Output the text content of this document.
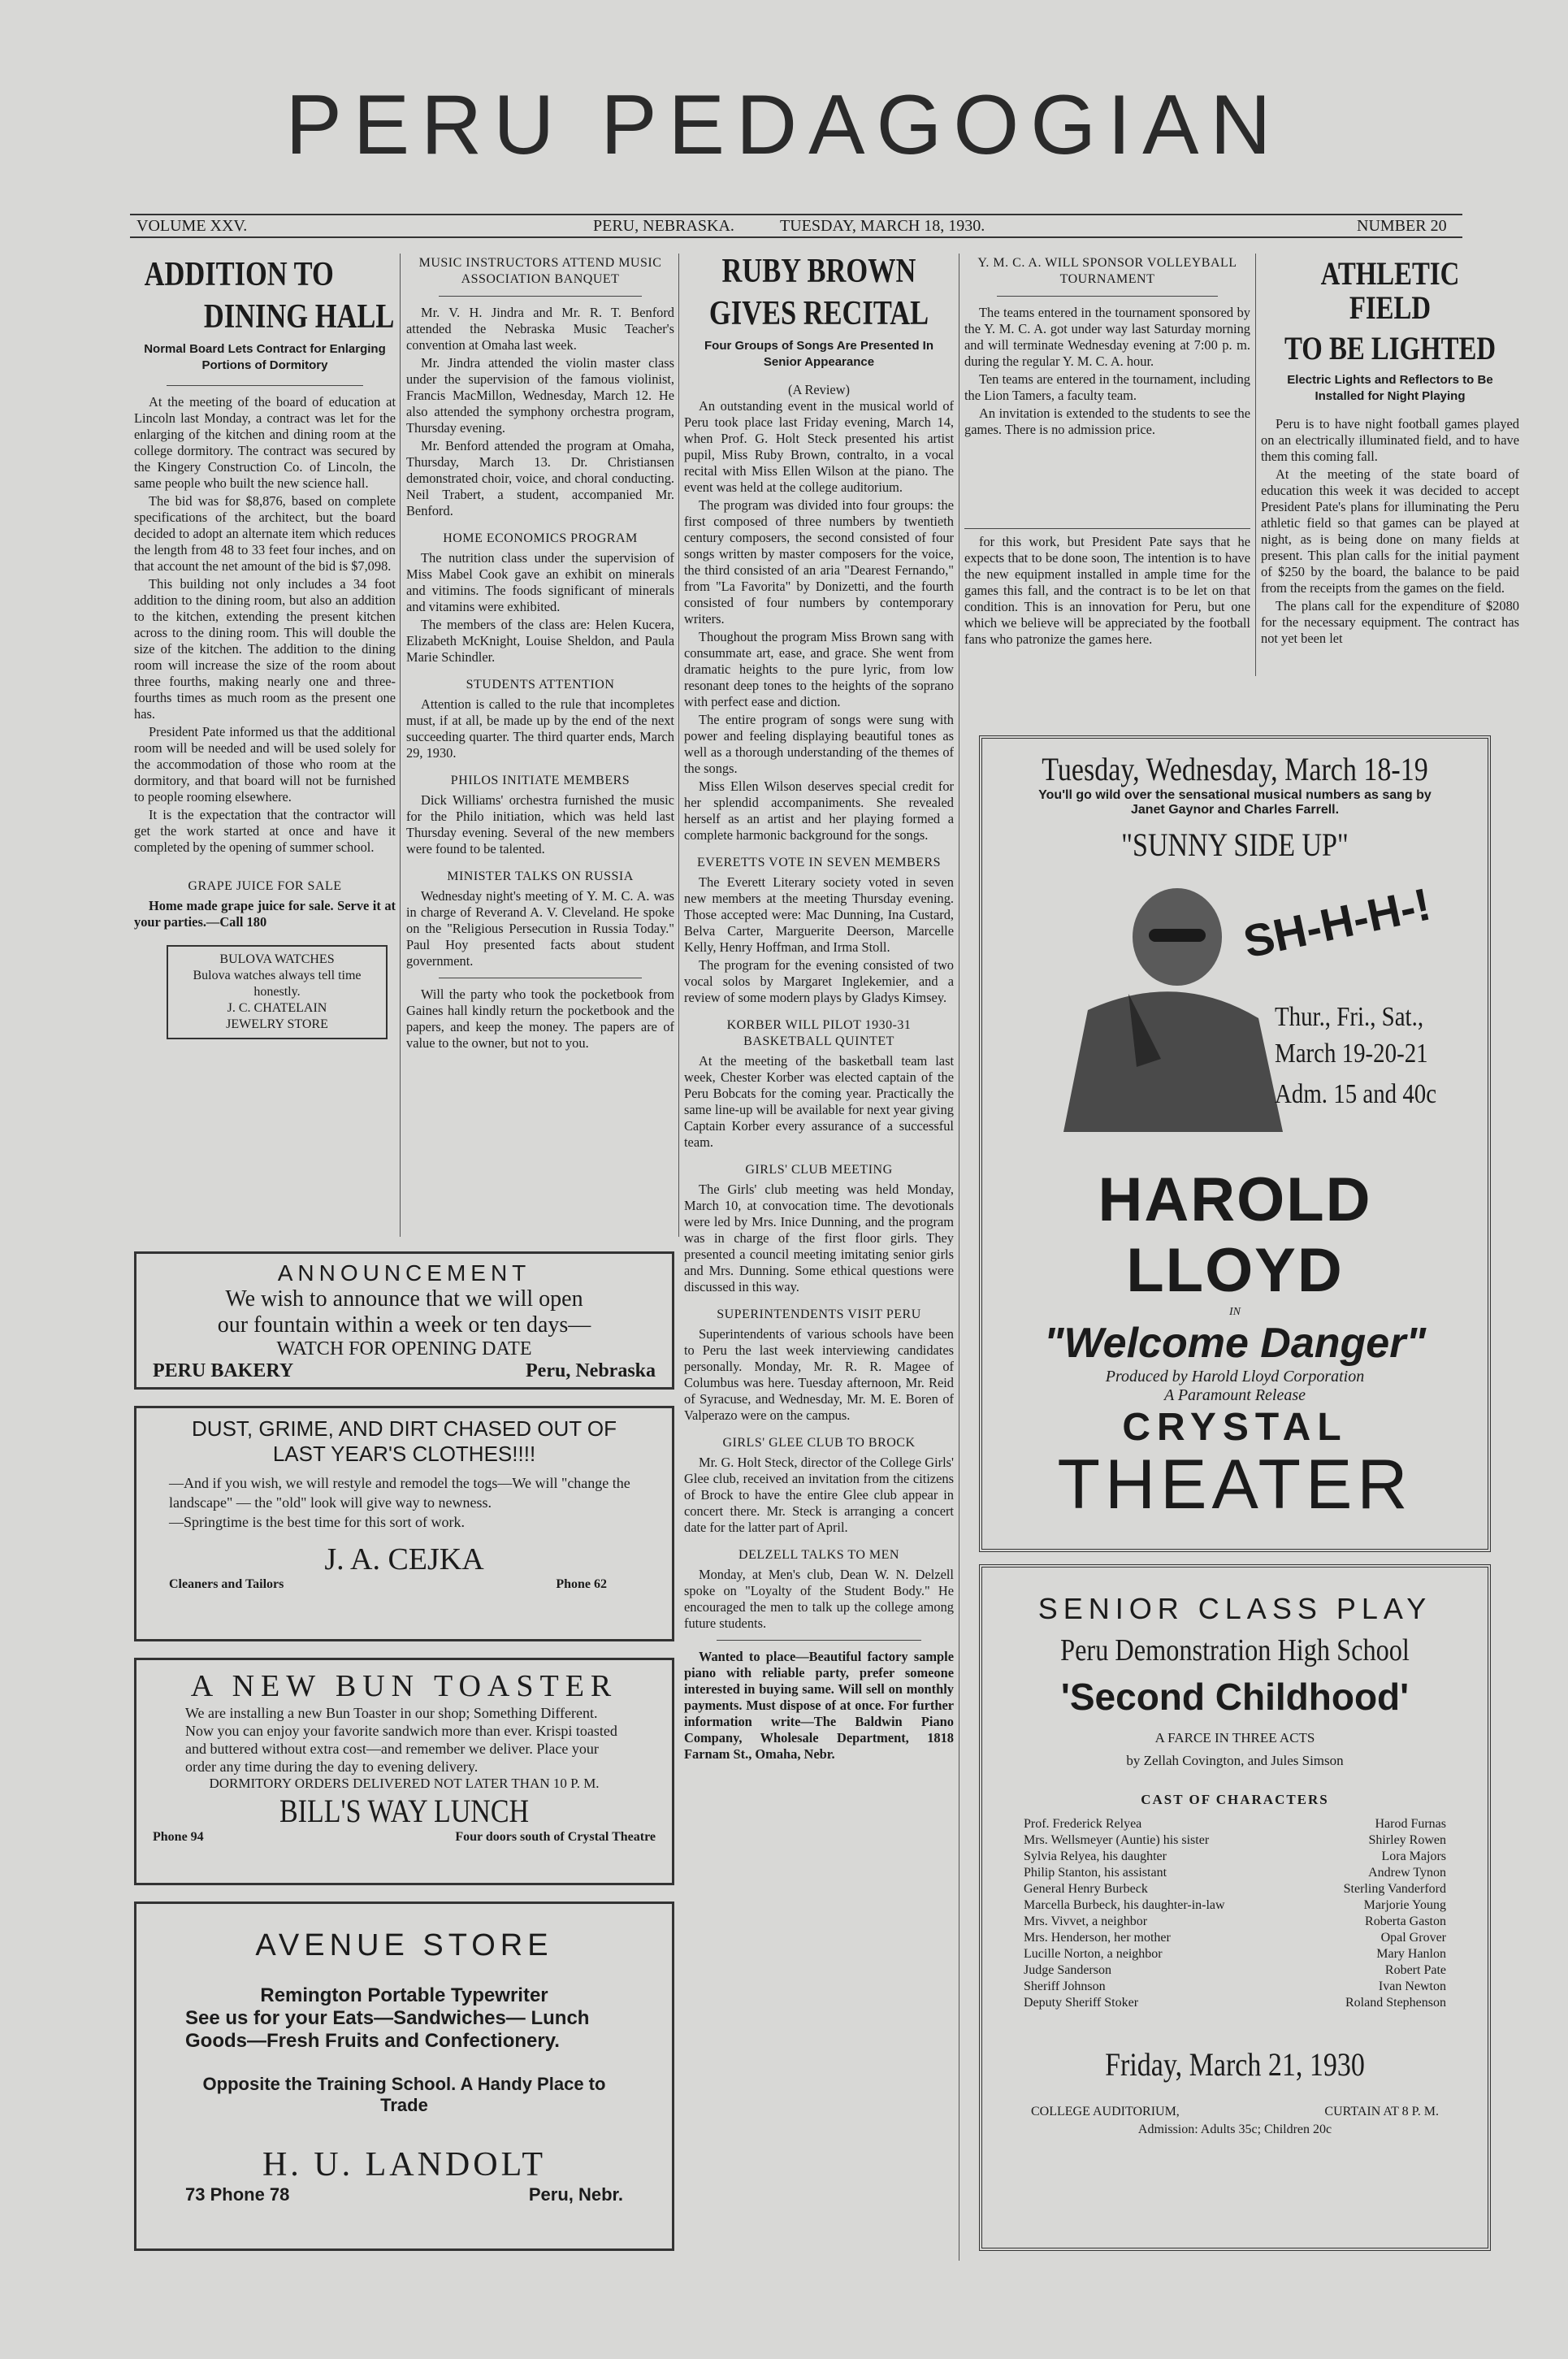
PERU PEDAGOGIAN
VOLUME XXV.	PERU, NEBRASKA.	TUESDAY, MARCH 18, 1930.	NUMBER 20
ADDITION TO
DINING HALL
Normal Board Lets Contract for Enlarging Portions of Dormitory

At the meeting of the board of education at Lincoln last Monday, a contract was let for the enlarging of the kitchen and dining room at the college dormitory. The contract was secured by the Kingery Construction Co. of Lincoln, the same people who built the new science hall.

The bid was for $8,876, based on complete specifications of the architect, but the board decided to adopt an alternate item which reduces the length from 48 to 33 feet four inches, and on that account the net amount of the bid is $7,098.

This building not only includes a 34 foot addition to the dining room, but also an addition to the kitchen, extending the present kitchen across to the dining room. This will double the size of the kitchen. The addition to the dining room will increase the size of the room about three fourths, making nearly one and three-fourths times as much room as the present one has.

President Pate informed us that the additional room will be needed and will be used solely for the accommodation of those who room at the dormitory, and that board will not be furnished to people rooming elsewhere.

It is the expectation that the contractor will get the work started at once and have it completed by the opening of summer school.

GRAPE JUICE FOR SALE

Home made grape juice for sale. Serve it at your parties.—Call 180

BULOVA WATCHES
Bulova watches always tell time honestly.
J. C. CHATELAIN
JEWELRY STORE
MUSIC INSTRUCTORS ATTEND MUSIC ASSOCIATION BANQUET

Mr. V. H. Jindra and Mr. R. T. Benford attended the Nebraska Music Teacher's convention at Omaha last week.

Mr. Jindra attended the violin master class under the supervision of the famous violinist, Francis MacMillon, Wednesday, March 12. He also attended the symphony orchestra program, Thursday evening.

Mr. Benford attended the program at Omaha, Thursday, March 13. Dr. Christiansen demonstrated choir, voice, and choral conducting. Neil Trabert, a student, accompanied Mr. Benford.

HOME ECONOMICS PROGRAM

The nutrition class under the supervision of Miss Mabel Cook gave an exhibit on minerals and vitimins. The foods significant of minerals and vitamins were exhibited.

The members of the class are: Helen Kucera, Elizabeth McKnight, Louise Sheldon, and Paula Marie Schindler.

STUDENTS ATTENTION

Attention is called to the rule that incompletes must, if at all, be made up by the end of the next succeeding quarter. The third quarter ends, March 29, 1930.

PHILOS INITIATE MEMBERS

Dick Williams' orchestra furnished the music for the Philo initiation, which was held last Thursday evening. Several of the new members were found to be talented.

MINISTER TALKS ON RUSSIA

Wednesday night's meeting of Y. M. C. A. was in charge of Reverand A. V. Cleveland. He spoke on the "Religious Persecution in Russia Today." Paul Hoy presented facts about student government.

Will the party who took the pocketbook from Gaines hall kindly return the pocketbook and the papers, and keep the money. The papers are of value to the owner, but not to you.

RUBY BROWN
GIVES RECITAL
Four Groups of Songs Are Presented In Senior Appearance
(A Review)

An outstanding event in the musical world of Peru took place last Friday evening, March 14, when Prof. G. Holt Steck presented his artist pupil, Miss Ruby Brown, contralto, in a vocal recital with Miss Ellen Wilson at the piano. The event was held at the college auditorium.

The program was divided into four groups: the first composed of three numbers by twentieth century composers, the second consisted of four songs written by master composers for the voice, the third consisted of an aria "Dearest Fernando," from "La Favorita" by Donizetti, and the fourth consisted of four numbers by contemporary writers.

Thoughout the program Miss Brown sang with consummate art, ease, and grace. She went from dramatic heights to the pure lyric, from low resonant deep tones to the heights of the soprano with perfect ease and diction.

The entire program of songs were sung with power and feeling displaying beautiful tones as well as a thorough understanding of the themes of the songs.

Miss Ellen Wilson deserves special credit for her splendid accompaniments. She revealed herself as an artist and her playing formed a complete harmonic background for the songs.

EVERETTS VOTE IN SEVEN MEMBERS

The Everett Literary society voted in seven new members at the meeting Thursday evening. Those accepted were: Mac Dunning, Ina Custard, Belva Carter, Marguerite Deerson, Marcelle Kelly, Henry Hoffman, and Irma Stoll.

The program for the evening consisted of two vocal solos by Margaret Inglekemier, and a review of some modern plays by Gladys Kimsey.

KORBER WILL PILOT 1930-31 BASKETBALL QUINTET

At the meeting of the basketball team last week, Chester Korber was elected captain of the Peru Bobcats for the coming year. Practically the same line-up will be available for next year giving Captain Korber every assurance of a successful team.

GIRLS' CLUB MEETING

The Girls' club meeting was held Monday, March 10, at convocation time. The devotionals were led by Mrs. Inice Dunning, and the program was in charge of the first floor girls. They presented a council meeting imitating senior girls and Mrs. Dunning. Some ethical questions were discussed in this way.

SUPERINTENDENTS VISIT PERU

Superintendents of various schools have been to Peru the last week interviewing candidates personally. Monday, Mr. R. R. Magee of Columbus was here. Tuesday afternoon, Mr. Reid of Syracuse, and Wednesday, Mr. M. E. Boren of Valperazo were on the campus.

GIRLS' GLEE CLUB TO BROCK

Mr. G. Holt Steck, director of the College Girls' Glee club, received an invitation from the citizens of Brock to have the entire Glee club appear in concert there. Mr. Steck is arranging a concert date for the latter part of April.

DELZELL TALKS TO MEN

Monday, at Men's club, Dean W. N. Delzell spoke on "Loyalty of the Student Body." He encouraged the men to talk up the college among future students.

Wanted to place—Beautiful factory sample piano with reliable party, prefer someone interested in buying same. Will sell on monthly payments. Must dispose of at once. For further information write—The Baldwin Piano Company, Wholesale Department, 1818 Farnam St., Omaha, Nebr.

Y. M. C. A. WILL SPONSOR VOLLEYBALL TOURNAMENT

The teams entered in the tournament sponsored by the Y. M. C. A. got under way last Saturday morning and will terminate Wednesday evening at 7:00 p. m. during the regular Y. M. C. A. hour.

Ten teams are entered in the tournament, including the Lion Tamers, a faculty team.

An invitation is extended to the students to see the games. There is no admission price.

for this work, but President Pate says that he expects that to be done soon, The intention is to have the new equipment installed in ample time for the games this fall, and the contract is to be let on that condition. This is an innovation for Peru, but one which we believe will be appreciated by the football fans who patronize the games here.

ATHLETIC FIELD
TO BE LIGHTED
Electric Lights and Reflectors to Be Installed for Night Playing

Peru is to have night football games played on an electrically illuminated field, and to have them this coming fall.

At the meeting of the state board of education this week it was decided to accept President Pate's plans for illuminating the Peru athletic field so that games can be played at night, as is being done on many fields at present. This plan calls for the initial payment of $250 by the board, the balance to be paid from the receipts from the games on the field.

The plans call for the expenditure of $2080 for the necessary equipment. The contract has not yet been let

ANNOUNCEMENT
We wish to announce that we will open
our fountain within a week or ten days—
WATCH FOR OPENING DATE
PERU BAKERY	Peru, Nebraska
DUST, GRIME, AND DIRT CHASED OUT OF LAST YEAR'S CLOTHES!!!!
—And if you wish, we will restyle and remodel the togs—We will "change the landscape" — the "old" look will give way to newness.
—Springtime is the best time for this sort of work.
J. A. CEJKA
Cleaners and Tailors	Phone 62
A NEW BUN TOASTER
We are installing a new Bun Toaster in our shop; Something Different. Now you can enjoy your favorite sandwich more than ever. Krispi toasted and buttered without extra cost—and remember we deliver. Place your order any time during the day to evening delivery.
DORMITORY ORDERS DELIVERED NOT LATER THAN 10 P. M.
BILL'S WAY LUNCH
Phone 94	Four doors south of Crystal Theatre
AVENUE STORE
Remington Portable Typewriter
See us for your Eats—Sandwiches— Lunch Goods—Fresh Fruits and Confectionery.
Opposite the Training School. A Handy Place to Trade
H. U. LANDOLT
73 Phone 78	Peru, Nebr.
Tuesday, Wednesday, March 18-19
You'll go wild over the sensational musical numbers as sang by Janet Gaynor and Charles Farrell.
"SUNNY SIDE UP"
SH-H-H-!
Thur., Fri., Sat.,
March 19-20-21
Adm. 15 and 40c
HAROLD LLOYD
IN
"Welcome Danger"
Produced by Harold Lloyd Corporation
A Paramount Release
CRYSTAL
THEATER
SENIOR CLASS PLAY
Peru Demonstration High School
'Second Childhood'
A FARCE IN THREE ACTS
by Zellah Covington, and Jules Simson
CAST OF CHARACTERS
Prof. Frederick Relyea	Harod Furnas
Mrs. Wellsmeyer (Auntie) his sister	Shirley Rowen
Sylvia Relyea, his daughter	Lora Majors
Philip Stanton, his assistant	Andrew Tynon
General Henry Burbeck	Sterling Vanderford
Marcella Burbeck, his daughter-in-law	Marjorie Young
Mrs. Vivvet, a neighbor	Roberta Gaston
Mrs. Henderson, her mother	Opal Grover
Lucille Norton, a neighbor	Mary Hanlon
Judge Sanderson	Robert Pate
Sheriff Johnson	Ivan Newton
Deputy Sheriff Stoker	Roland Stephenson
Friday, March 21, 1930
COLLEGE AUDITORIUM,	CURTAIN AT 8 P. M.
Admission: Adults 35c; Children 20c
